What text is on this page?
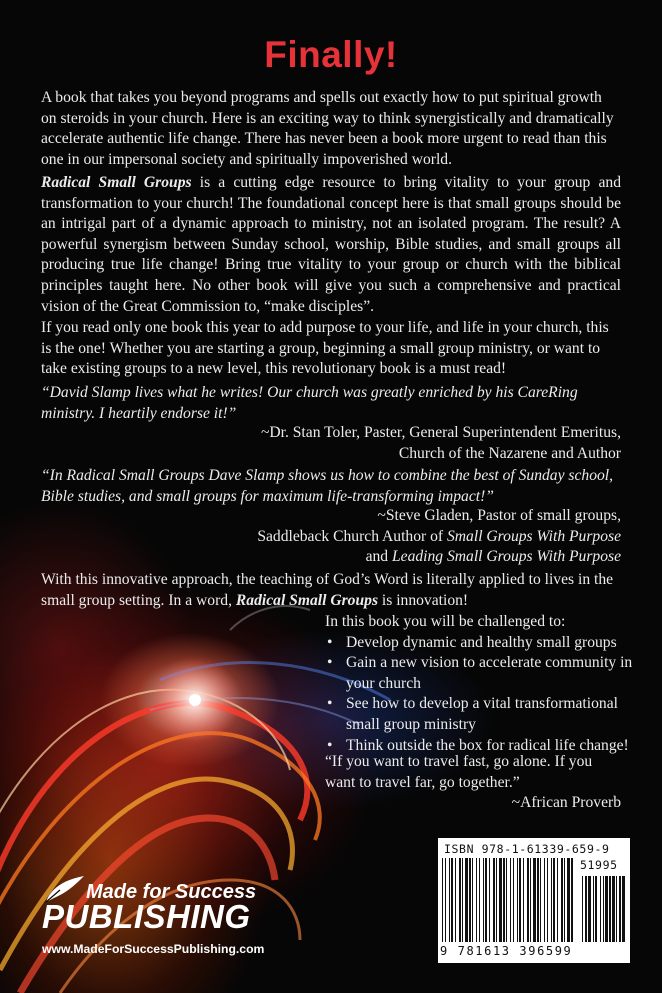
Finally!

A book that takes you beyond programs and spells out exactly how to put spiritual growth on steroids in your church. Here is an exciting way to think synergistically and dramatically accelerate authentic life change. There has never been a book more urgent to read than this one in our impersonal society and spiritually impoverished world.

Radical Small Groups is a cutting edge resource to bring vitality to your group and transformation to your church! The foundational concept here is that small groups should be an intrigal part of a dynamic approach to ministry, not an isolated program. The result? A powerful synergism between Sunday school, worship, Bible studies, and small groups all producing true life change! Bring true vitality to your group or church with the biblical principles taught here. No other book will give you such a comprehensive and practical vision of the Great Commission to, “make disciples”.

If you read only one book this year to add purpose to your life, and life in your church, this is the one! Whether you are starting a group, beginning a small group ministry, or want to take existing groups to a new level, this revolutionary book is a must read!

“David Slamp lives what he writes! Our church was greatly enriched by his CareRing ministry. I heartily endorse it!”

~Dr. Stan Toler, Paster, General Superintendent Emeritus,
Church of the Nazarene and Author

“In Radical Small Groups Dave Slamp shows us how to combine the best of Sunday school, Bible studies, and small groups for maximum life-transforming impact!”

~Steve Gladen, Pastor of small groups,
Saddleback Church Author of Small Groups With Purpose
and Leading Small Groups With Purpose

With this innovative approach, the teaching of God’s Word is literally applied to lives in the small group setting. In a word, Radical Small Groups is innovation!

In this book you will be challenged to:
• Develop dynamic and healthy small groups
• Gain a new vision to accelerate community in your church
• See how to develop a vital transformational small group ministry
• Think outside the box for radical life change!

“If you want to travel fast, go alone. If you want to travel far, go together.”

~African Proverb
ISBN 978-1-61339-659-9
51995
9 781613 396599
Made for Success
PUBLISHING
www.MadeForSuccessPublishing.com
